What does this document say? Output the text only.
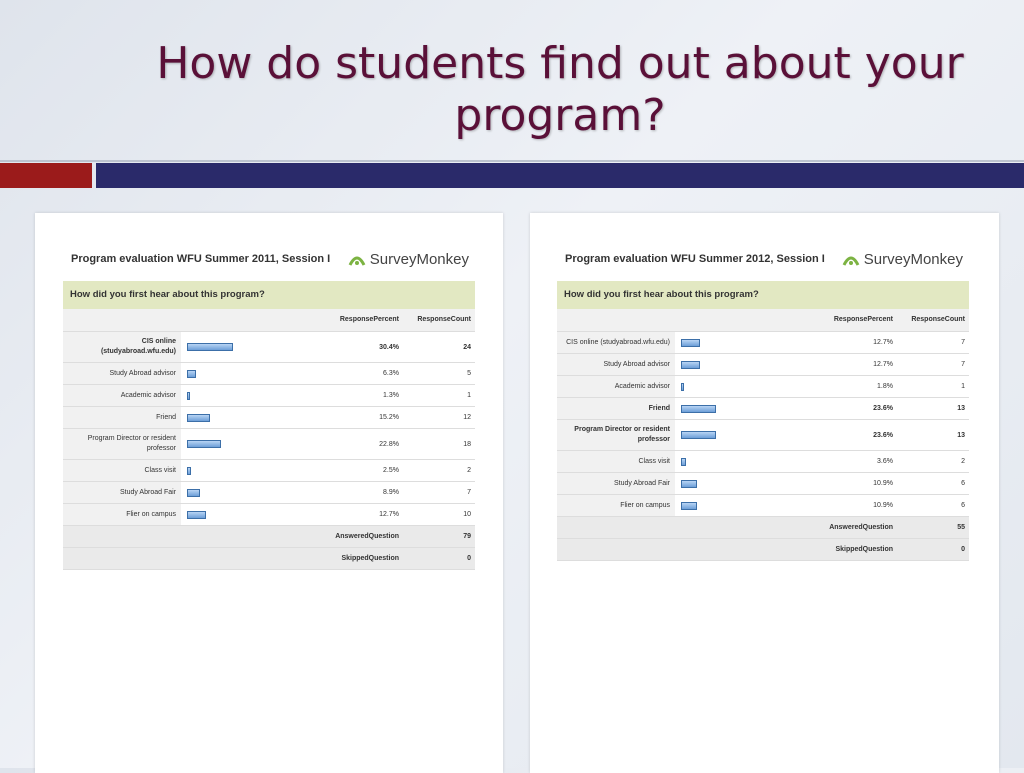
How do students find out about your
program?
Program evaluation WFU Summer 2011, Session I	SurveyMonkey
How did you first hear about this program?
ResponsePercent	ResponseCount
CIS online
(studyabroad.wfu.edu)
30.4%	24
Study Abroad advisor	6.3%	5
Academic advisor	1.3%	1
Friend	15.2%	12
Program Director or resident
professor
22.8%	18
Class visit	2.5%	2
Study Abroad Fair	8.9%	7
Flier on campus	12.7%	10
AnsweredQuestion	79
SkippedQuestion	0
Program evaluation WFU Summer 2012, Session I	SurveyMonkey
How did you first hear about this program?
ResponsePercent	ResponseCount
CIS online (studyabroad.wfu.edu)	12.7%	7
Study Abroad advisor	12.7%	7
Academic advisor	1.8%	1
Friend	23.6%	13
Program Director or resident
professor
23.6%	13
Class visit	3.6%	2
Study Abroad Fair	10.9%	6
Flier on campus	10.9%	6
AnsweredQuestion	55
SkippedQuestion	0
